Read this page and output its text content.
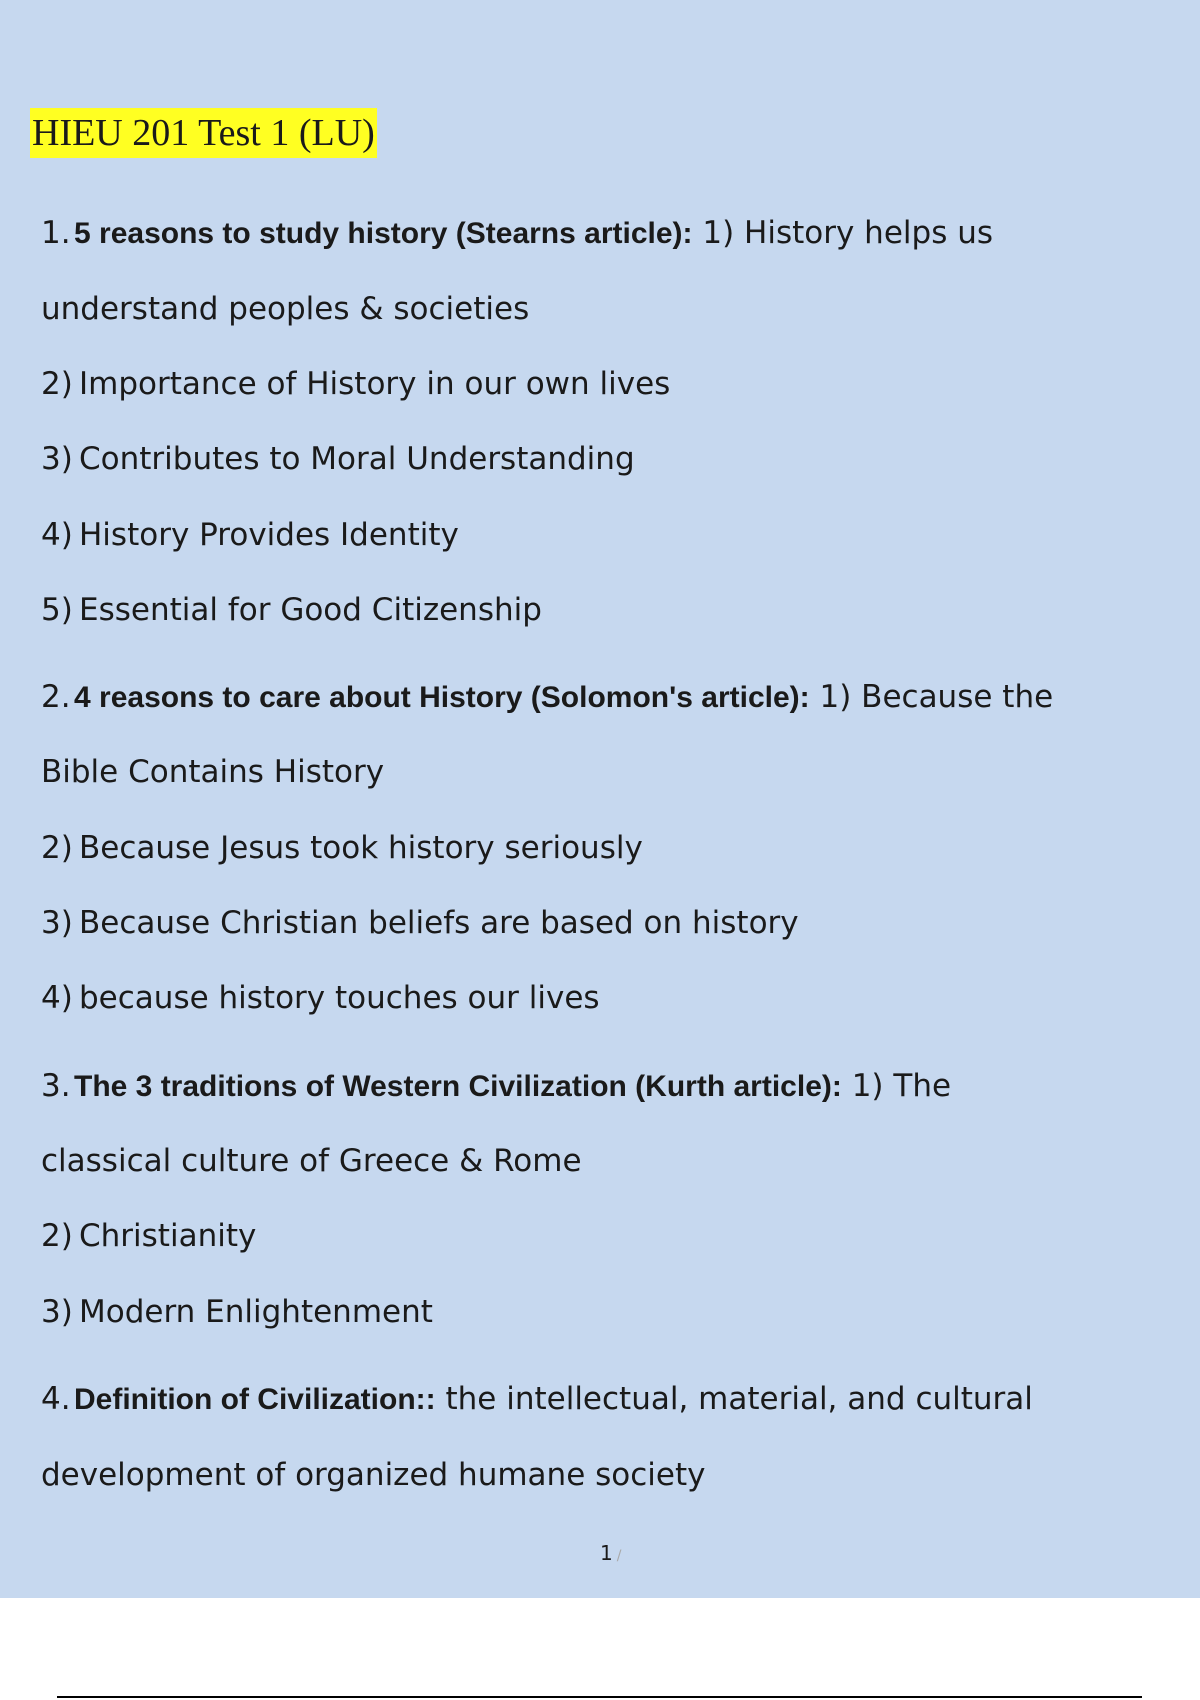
HIEU 201 Test 1 (LU)
1. 5 reasons to study history (Stearns article): 1) History helps us
understand peoples & societies
2) Importance of History in our own lives
3) Contributes to Moral Understanding
4) History Provides Identity
5) Essential for Good Citizenship
2. 4 reasons to care about History (Solomon's article): 1) Because the
Bible Contains History
2) Because Jesus took history seriously
3) Because Christian beliefs are based on history
4) because history touches our lives
3. The 3 traditions of Western Civilization (Kurth article): 1) The
classical culture of Greece & Rome
2) Christianity
3) Modern Enlightenment
4. Definition of Civilization:: the intellectual, material, and cultural
development of organized humane society
1 /
